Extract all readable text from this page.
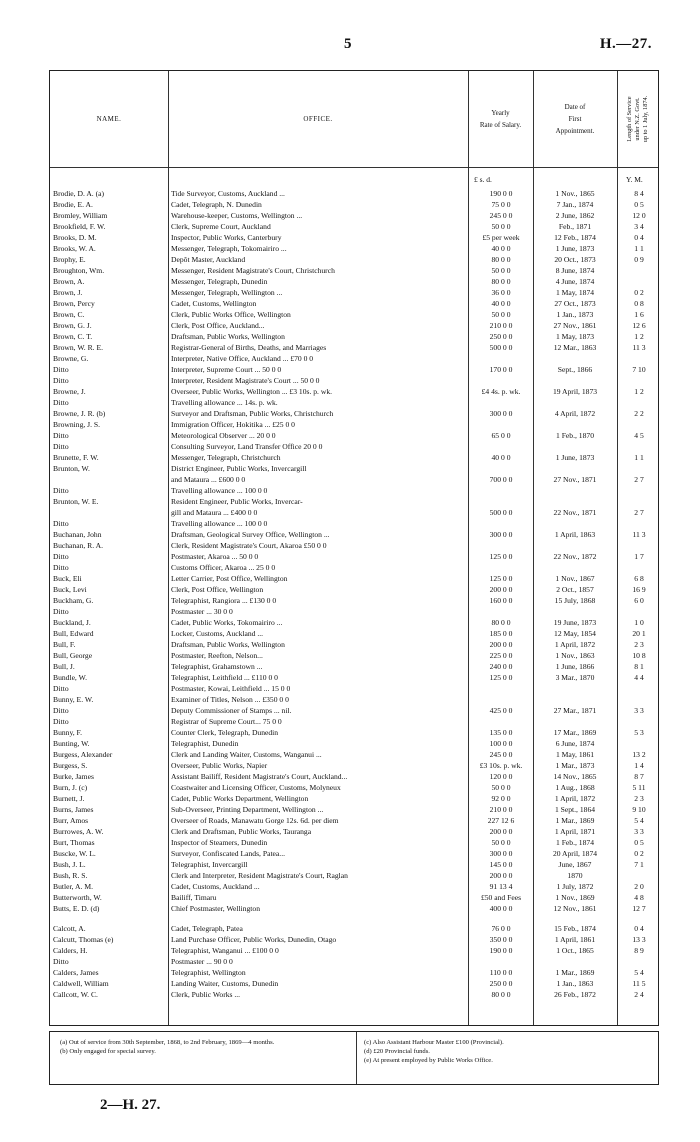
5	H.—27.
NAME.	OFFICE.
Yearly
Rate of Salary.
Date of
First
Appointment.	Length of Service under N.Z. Govt. up to 1 July, 1874.
£ s. d.	Y. M.
Brodie, D. A. (a)	Tide Surveyor, Customs, Auckland ...	190 0 0	1 Nov., 1865	8 4
Brodie, E. A.	Cadet, Telegraph, N. Dunedin	75 0 0	7 Jan., 1874	0 5
Bromley, William	Warehouse-keeper, Customs, Wellington ...	245 0 0	2 June, 1862	12 0
Brookfield, F. W.	Clerk, Supreme Court, Auckland	50 0 0	Feb., 1871	3 4
Brooks, D. M.	Inspector, Public Works, Canterbury	£5 per week	12 Feb., 1874	0 4
Brooks, W. A.	Messenger, Telegraph, Tokomairiro ...	40 0 0	1 June, 1873	1 1
Brophy, E.	Depôt Master, Auckland	80 0 0	20 Oct., 1873	0 9
Broughton, Wm.	Messenger, Resident Magistrate's Court, Christchurch	50 0 0	8 June, 1874
Brown, A.	Messenger, Telegraph, Dunedin	80 0 0	4 June, 1874
Brown, J.	Messenger, Telegraph, Wellington ...	36 0 0	1 May, 1874	0 2
Brown, Percy	Cadet, Customs, Wellington	40 0 0	27 Oct., 1873	0 8
Brown, C.	Clerk, Public Works Office, Wellington	50 0 0	1 Jan., 1873	1 6
Brown, G. J.	Clerk, Post Office, Auckland...	210 0 0	27 Nov., 1861	12 6
Brown, C. T.	Draftsman, Public Works, Wellington	250 0 0	1 May, 1873	1 2
Brown, W. R. E.	Registrar-General of Births, Deaths, and Marriages	500 0 0	12 Mar., 1863	11 3
Browne, G.	Interpreter, Native Office, Auckland ... £70 0 0
Ditto	Interpreter, Supreme Court ... 50 0 0	170 0 0	Sept., 1866	7 10
Ditto	Interpreter, Resident Magistrate's Court ... 50 0 0
Browne, J.	Overseer, Public Works, Wellington ... £3 10s. p. wk.	£4 4s. p. wk.	19 April, 1873	1 2
Ditto	Travelling allowance ... 14s. p. wk.
Browne, J. R. (b)	Surveyor and Draftsman, Public Works, Christchurch	300 0 0	4 April, 1872	2 2
Browning, J. S.	Immigration Officer, Hokitika ... £25 0 0
Ditto	Meteorological Observer ... 20 0 0	65 0 0	1 Feb., 1870	4 5
Ditto	Consulting Surveyor, Land Transfer Office 20 0 0
Brunette, F. W.	Messenger, Telegraph, Christchurch	40 0 0	1 June, 1873	1 1
Brunton, W.	District Engineer, Public Works, Invercargill
and Mataura ... £600 0 0	700 0 0	27 Nov., 1871	2 7
Ditto	Travelling allowance ... 100 0 0
Brunton, W. E.	Resident Engineer, Public Works, Invercar-
gill and Mataura ... £400 0 0	500 0 0	22 Nov., 1871	2 7
Ditto	Travelling allowance ... 100 0 0
Buchanan, John	Draftsman, Geological Survey Office, Wellington ...	300 0 0	1 April, 1863	11 3
Buchanan, R. A.	Clerk, Resident Magistrate's Court, Akaroa £50 0 0
Ditto	Postmaster, Akaroa ... 50 0 0	125 0 0	22 Nov., 1872	1 7
Ditto	Customs Officer, Akaroa ... 25 0 0
Buck, Eli	Letter Carrier, Post Office, Wellington	125 0 0	1 Nov., 1867	6 8
Buck, Levi	Clerk, Post Office, Wellington	200 0 0	2 Oct., 1857	16 9
Buckham, G.	Telegraphist, Rangiora ... £130 0 0	160 0 0	15 July, 1868	6 0
Ditto	Postmaster ... 30 0 0
Buckland, J.	Cadet, Public Works, Tokomairiro ...	80 0 0	19 June, 1873	1 0
Bull, Edward	Locker, Customs, Auckland ...	185 0 0	12 May, 1854	20 1
Bull, F.	Draftsman, Public Works, Wellington	200 0 0	1 April, 1872	2 3
Bull, George	Postmaster, Reefton, Nelson...	225 0 0	1 Nov., 1863	10 8
Bull, J.	Telegraphist, Grahamstown ...	240 0 0	1 June, 1866	8 1
Bundle, W.	Telegraphist, Leithfield ... £110 0 0	125 0 0	3 Mar., 1870	4 4
Ditto	Postmaster, Kowai, Leithfield ... 15 0 0
Bunny, E. W.	Examiner of Titles, Nelson ... £350 0 0
Ditto	Deputy Commissioner of Stamps ... nil.	425 0 0	27 Mar., 1871	3 3
Ditto	Registrar of Supreme Court... 75 0 0
Bunny, F.	Counter Clerk, Telegraph, Dunedin	135 0 0	17 Mar., 1869	5 3
Bunting, W.	Telegraphist, Dunedin	100 0 0	6 June, 1874
Burgess, Alexander	Clerk and Landing Waiter, Customs, Wanganui ...	245 0 0	1 May, 1861	13 2
Burgess, S.	Overseer, Public Works, Napier	£3 10s. p. wk.	1 Mar., 1873	1 4
Burke, James	Assistant Bailiff, Resident Magistrate's Court, Auckland...	120 0 0	14 Nov., 1865	8 7
Burn, J. (c)	Coastwaiter and Licensing Officer, Customs, Molyneux	50 0 0	1 Aug., 1868	5 11
Burnett, J.	Cadet, Public Works Department, Wellington	92 0 0	1 April, 1872	2 3
Burns, James	Sub-Overseer, Printing Department, Wellington ...	210 0 0	1 Sept., 1864	9 10
Burr, Amos	Overseer of Roads, Manawatu Gorge 12s. 6d. per diem	227 12 6	1 Mar., 1869	5 4
Burrowes, A. W.	Clerk and Draftsman, Public Works, Tauranga	200 0 0	1 April, 1871	3 3
Burt, Thomas	Inspector of Steamers, Dunedin	50 0 0	1 Feb., 1874	0 5
Buscke, W. L.	Surveyor, Confiscated Lands, Patea...	300 0 0	20 April, 1874	0 2
Bush, J. L.	Telegraphist, Invercargill	145 0 0	June, 1867	7 1
Bush, R. S.	Clerk and Interpreter, Resident Magistrate's Court, Raglan	200 0 0	1870
Butler, A. M.	Cadet, Customs, Auckland ...	91 13 4	1 July, 1872	2 0
Butterworth, W.	Bailiff, Timaru	£50 and Fees	1 Nov., 1869	4 8
Butts, E. D. (d)	Chief Postmaster, Wellington	400 0 0	12 Nov., 1861	12 7
Calcott, A.	Cadet, Telegraph, Patea	76 0 0	15 Feb., 1874	0 4
Calcutt, Thomas (e)	Land Purchase Officer, Public Works, Dunedin, Otago	350 0 0	1 April, 1861	13 3
Calders, H.	Telegraphist, Wanganui ... £100 0 0	190 0 0	1 Oct., 1865	8 9
Ditto	Postmaster ... 90 0 0
Calders, James	Telegraphist, Wellington	110 0 0	1 Mar., 1869	5 4
Caldwell, William	Landing Waiter, Customs, Dunedin	250 0 0	1 Jan., 1863	11 5
Callcott, W. C.	Clerk, Public Works ...	80 0 0	26 Feb., 1872	2 4
(a) Out of service from 30th September, 1868, to 2nd February, 1869—4 months.
(b) Only engaged for special survey.
(c) Also Assistant Harbour Master £100 (Provincial).
(d) £20 Provincial funds.
(e) At present employed by Public Works Office.
2—H. 27.
